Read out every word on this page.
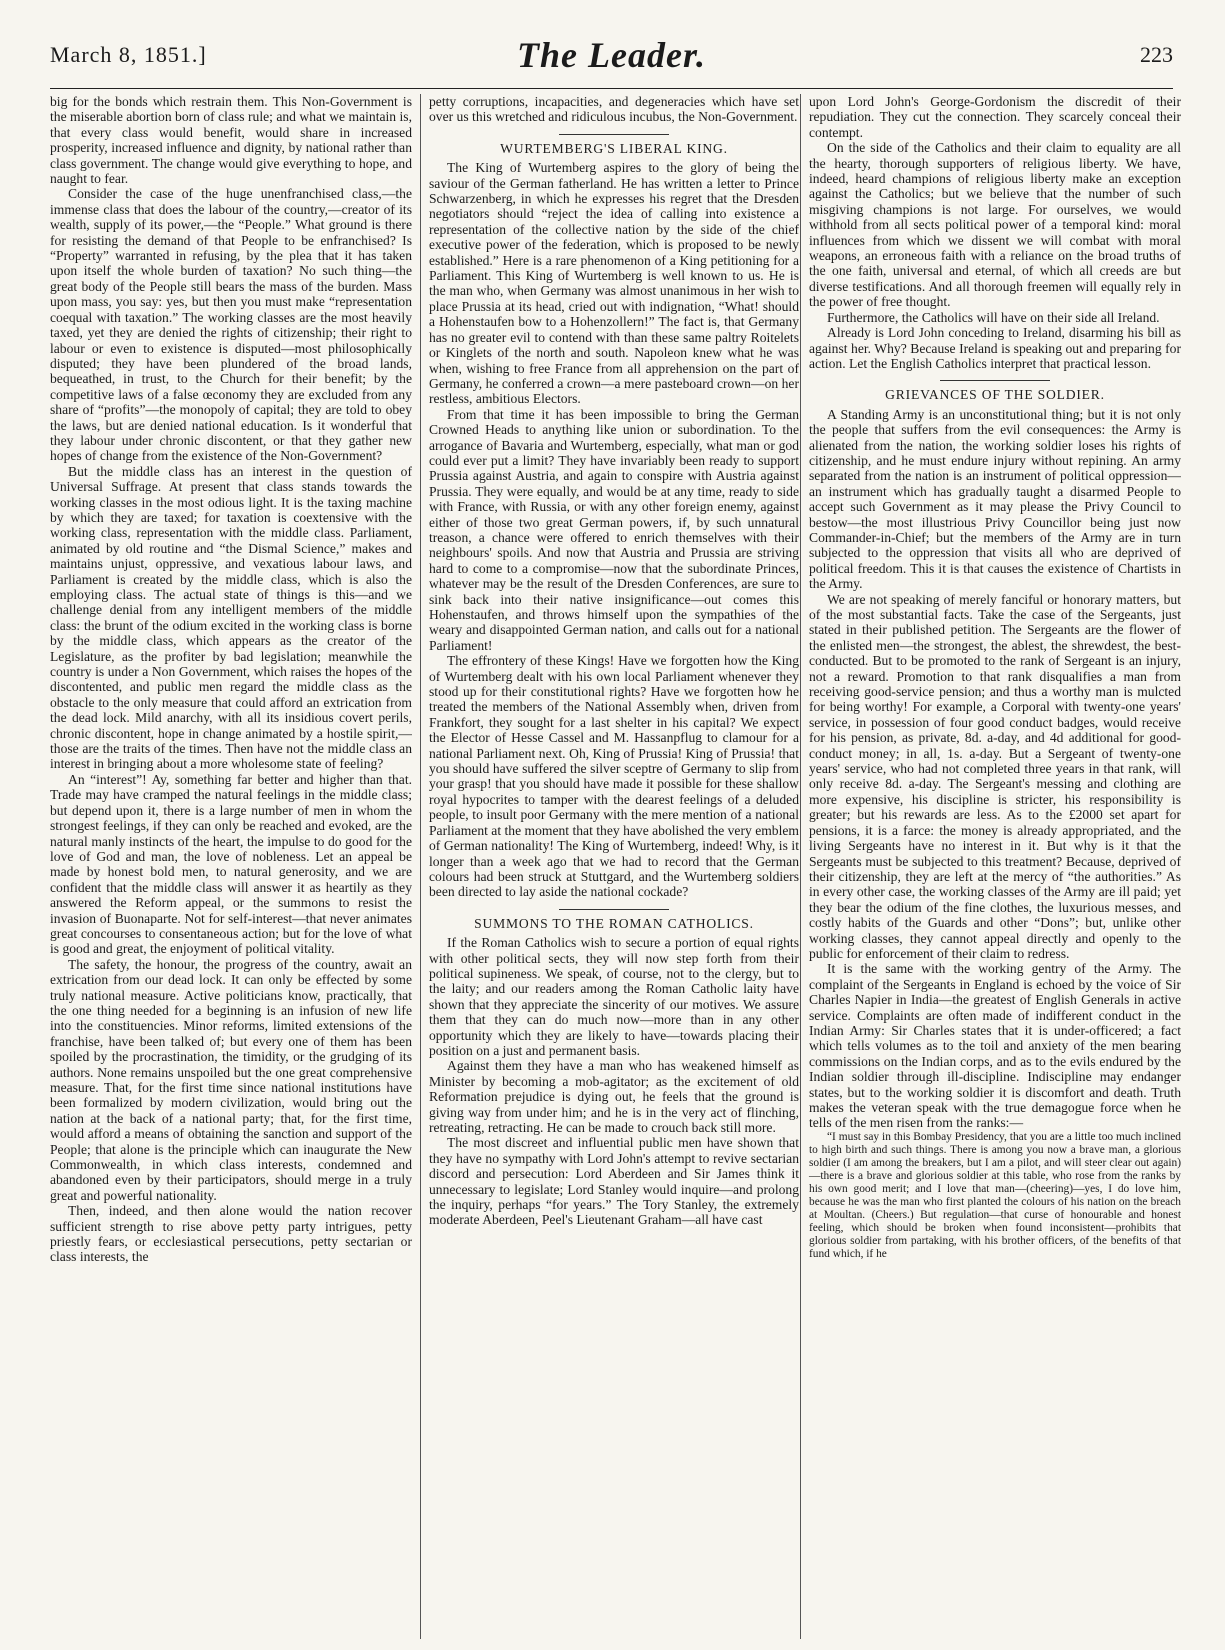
March 8, 1851.]	The Leader.	223

big for the bonds which restrain them. This Non-Government is the miserable abortion born of class rule; and what we maintain is, that every class would benefit, would share in increased prosperity, increased influence and dignity, by national rather than class government. The change would give everything to hope, and naught to fear.

Consider the case of the huge unenfranchised class,—the immense class that does the labour of the country,—creator of its wealth, supply of its power,—the “People.” What ground is there for resisting the demand of that People to be enfranchised? Is “Property” warranted in refusing, by the plea that it has taken upon itself the whole burden of taxation? No such thing—the great body of the People still bears the mass of the burden. Mass upon mass, you say: yes, but then you must make “representation coequal with taxation.” The working classes are the most heavily taxed, yet they are denied the rights of citizenship; their right to labour or even to existence is disputed—most philosophically disputed; they have been plundered of the broad lands, bequeathed, in trust, to the Church for their benefit; by the competitive laws of a false œconomy they are excluded from any share of “profits”—the monopoly of capital; they are told to obey the laws, but are denied national education. Is it wonderful that they labour under chronic discontent, or that they gather new hopes of change from the existence of the Non-Government?

But the middle class has an interest in the question of Universal Suffrage. At present that class stands towards the working classes in the most odious light. It is the taxing machine by which they are taxed; for taxation is coextensive with the working class, representation with the middle class. Parliament, animated by old routine and “the Dismal Science,” makes and maintains unjust, oppressive, and vexatious labour laws, and Parliament is created by the middle class, which is also the employing class. The actual state of things is this—and we challenge denial from any intelligent members of the middle class: the brunt of the odium excited in the working class is borne by the middle class, which appears as the creator of the Legislature, as the profiter by bad legislation; meanwhile the country is under a Non Government, which raises the hopes of the discontented, and public men regard the middle class as the obstacle to the only measure that could afford an extrication from the dead lock. Mild anarchy, with all its insidious covert perils, chronic discontent, hope in change animated by a hostile spirit,—those are the traits of the times. Then have not the middle class an interest in bringing about a more wholesome state of feeling?

An “interest”! Ay, something far better and higher than that. Trade may have cramped the natural feelings in the middle class; but depend upon it, there is a large number of men in whom the strongest feelings, if they can only be reached and evoked, are the natural manly instincts of the heart, the impulse to do good for the love of God and man, the love of nobleness. Let an appeal be made by honest bold men, to natural generosity, and we are confident that the middle class will answer it as heartily as they answered the Reform appeal, or the summons to resist the invasion of Buonaparte. Not for self-interest—that never animates great concourses to consentaneous action; but for the love of what is good and great, the enjoyment of political vitality.

The safety, the honour, the progress of the country, await an extrication from our dead lock. It can only be effected by some truly national measure. Active politicians know, practically, that the one thing needed for a beginning is an infusion of new life into the constituencies. Minor reforms, limited extensions of the franchise, have been talked of; but every one of them has been spoiled by the procrastination, the timidity, or the grudging of its authors. None remains unspoiled but the one great comprehensive measure. That, for the first time since national institutions have been formalized by modern civilization, would bring out the nation at the back of a national party; that, for the first time, would afford a means of obtaining the sanction and support of the People; that alone is the principle which can inaugurate the New Commonwealth, in which class interests, condemned and abandoned even by their participators, should merge in a truly great and powerful nationality.

Then, indeed, and then alone would the nation recover sufficient strength to rise above petty party intrigues, petty priestly fears, or ecclesiastical persecutions, petty sectarian or class interests, the

petty corruptions, incapacities, and degeneracies which have set over us this wretched and ridiculous incubus, the Non-Government.

WURTEMBERG'S LIBERAL KING.

The King of Wurtemberg aspires to the glory of being the saviour of the German fatherland. He has written a letter to Prince Schwarzenberg, in which he expresses his regret that the Dresden negotiators should “reject the idea of calling into existence a representation of the collective nation by the side of the chief executive power of the federation, which is proposed to be newly established.” Here is a rare phenomenon of a King petitioning for a Parliament. This King of Wurtemberg is well known to us. He is the man who, when Germany was almost unanimous in her wish to place Prussia at its head, cried out with indignation, “What! should a Hohenstaufen bow to a Hohenzollern!” The fact is, that Germany has no greater evil to contend with than these same paltry Roitelets or Kinglets of the north and south. Napoleon knew what he was when, wishing to free France from all apprehension on the part of Germany, he conferred a crown—a mere pasteboard crown—on her restless, ambitious Electors.

From that time it has been impossible to bring the German Crowned Heads to anything like union or subordination. To the arrogance of Bavaria and Wurtemberg, especially, what man or god could ever put a limit? They have invariably been ready to support Prussia against Austria, and again to conspire with Austria against Prussia. They were equally, and would be at any time, ready to side with France, with Russia, or with any other foreign enemy, against either of those two great German powers, if, by such unnatural treason, a chance were offered to enrich themselves with their neighbours' spoils. And now that Austria and Prussia are striving hard to come to a compromise—now that the subordinate Princes, whatever may be the result of the Dresden Conferences, are sure to sink back into their native insignificance—out comes this Hohenstaufen, and throws himself upon the sympathies of the weary and disappointed German nation, and calls out for a national Parliament!

The effrontery of these Kings! Have we forgotten how the King of Wurtemberg dealt with his own local Parliament whenever they stood up for their constitutional rights? Have we forgotten how he treated the members of the National Assembly when, driven from Frankfort, they sought for a last shelter in his capital? We expect the Elector of Hesse Cassel and M. Hassanpflug to clamour for a national Parliament next. Oh, King of Prussia! King of Prussia! that you should have suffered the silver sceptre of Germany to slip from your grasp! that you should have made it possible for these shallow royal hypocrites to tamper with the dearest feelings of a deluded people, to insult poor Germany with the mere mention of a national Parliament at the moment that they have abolished the very emblem of German nationality! The King of Wurtemberg, indeed! Why, is it longer than a week ago that we had to record that the German colours had been struck at Stuttgard, and the Wurtemberg soldiers been directed to lay aside the national cockade?

SUMMONS TO THE ROMAN CATHOLICS.

If the Roman Catholics wish to secure a portion of equal rights with other political sects, they will now step forth from their political supineness. We speak, of course, not to the clergy, but to the laity; and our readers among the Roman Catholic laity have shown that they appreciate the sincerity of our motives. We assure them that they can do much now—more than in any other opportunity which they are likely to have—towards placing their position on a just and permanent basis.

Against them they have a man who has weakened himself as Minister by becoming a mob-agitator; as the excitement of old Reformation prejudice is dying out, he feels that the ground is giving way from under him; and he is in the very act of flinching, retreating, retracting. He can be made to crouch back still more.

The most discreet and influential public men have shown that they have no sympathy with Lord John's attempt to revive sectarian discord and persecution: Lord Aberdeen and Sir James think it unnecessary to legislate; Lord Stanley would inquire—and prolong the inquiry, perhaps “for years.” The Tory Stanley, the extremely moderate Aberdeen, Peel's Lieutenant Graham—all have cast

upon Lord John's George-Gordonism the discredit of their repudiation. They cut the connection. They scarcely conceal their contempt.

On the side of the Catholics and their claim to equality are all the hearty, thorough supporters of religious liberty. We have, indeed, heard champions of religious liberty make an exception against the Catholics; but we believe that the number of such misgiving champions is not large. For ourselves, we would withhold from all sects political power of a temporal kind: moral influences from which we dissent we will combat with moral weapons, an erroneous faith with a reliance on the broad truths of the one faith, universal and eternal, of which all creeds are but diverse testifications. And all thorough freemen will equally rely in the power of free thought.

Furthermore, the Catholics will have on their side all Ireland.

Already is Lord John conceding to Ireland, disarming his bill as against her. Why? Because Ireland is speaking out and preparing for action. Let the English Catholics interpret that practical lesson.

GRIEVANCES OF THE SOLDIER.

A Standing Army is an unconstitutional thing; but it is not only the people that suffers from the evil consequences: the Army is alienated from the nation, the working soldier loses his rights of citizenship, and he must endure injury without repining. An army separated from the nation is an instrument of political oppression—an instrument which has gradually taught a disarmed People to accept such Government as it may please the Privy Council to bestow—the most illustrious Privy Councillor being just now Commander-in-Chief; but the members of the Army are in turn subjected to the oppression that visits all who are deprived of political freedom. This it is that causes the existence of Chartists in the Army.

We are not speaking of merely fanciful or honorary matters, but of the most substantial facts. Take the case of the Sergeants, just stated in their published petition. The Sergeants are the flower of the enlisted men—the strongest, the ablest, the shrewdest, the best-conducted. But to be promoted to the rank of Sergeant is an injury, not a reward. Promotion to that rank disqualifies a man from receiving good-service pension; and thus a worthy man is mulcted for being worthy! For example, a Corporal with twenty-one years' service, in possession of four good conduct badges, would receive for his pension, as private, 8d. a-day, and 4d additional for good-conduct money; in all, 1s. a-day. But a Sergeant of twenty-one years' service, who had not completed three years in that rank, will only receive 8d. a-day. The Sergeant's messing and clothing are more expensive, his discipline is stricter, his responsibility is greater; but his rewards are less. As to the £2000 set apart for pensions, it is a farce: the money is already appropriated, and the living Sergeants have no interest in it. But why is it that the Sergeants must be subjected to this treatment? Because, deprived of their citizenship, they are left at the mercy of “the authorities.” As in every other case, the working classes of the Army are ill paid; yet they bear the odium of the fine clothes, the luxurious messes, and costly habits of the Guards and other “Dons”; but, unlike other working classes, they cannot appeal directly and openly to the public for enforcement of their claim to redress.

It is the same with the working gentry of the Army. The complaint of the Sergeants in England is echoed by the voice of Sir Charles Napier in India—the greatest of English Generals in active service. Complaints are often made of indifferent conduct in the Indian Army: Sir Charles states that it is under-officered; a fact which tells volumes as to the toil and anxiety of the men bearing commissions on the Indian corps, and as to the evils endured by the Indian soldier through ill-discipline. Indiscipline may endanger states, but to the working soldier it is discomfort and death. Truth makes the veteran speak with the true demagogue force when he tells of the men risen from the ranks:—

“I must say in this Bombay Presidency, that you are a little too much inclined to high birth and such things. There is among you now a brave man, a glorious soldier (I am among the breakers, but I am a pilot, and will steer clear out again)—there is a brave and glorious soldier at this table, who rose from the ranks by his own good merit; and I love that man—(cheering)—yes, I do love him, because he was the man who first planted the colours of his nation on the breach at Moultan. (Cheers.) But regulation—that curse of honourable and honest feeling, which should be broken when found inconsistent—prohibits that glorious soldier from partaking, with his brother officers, of the benefits of that fund which, if he
